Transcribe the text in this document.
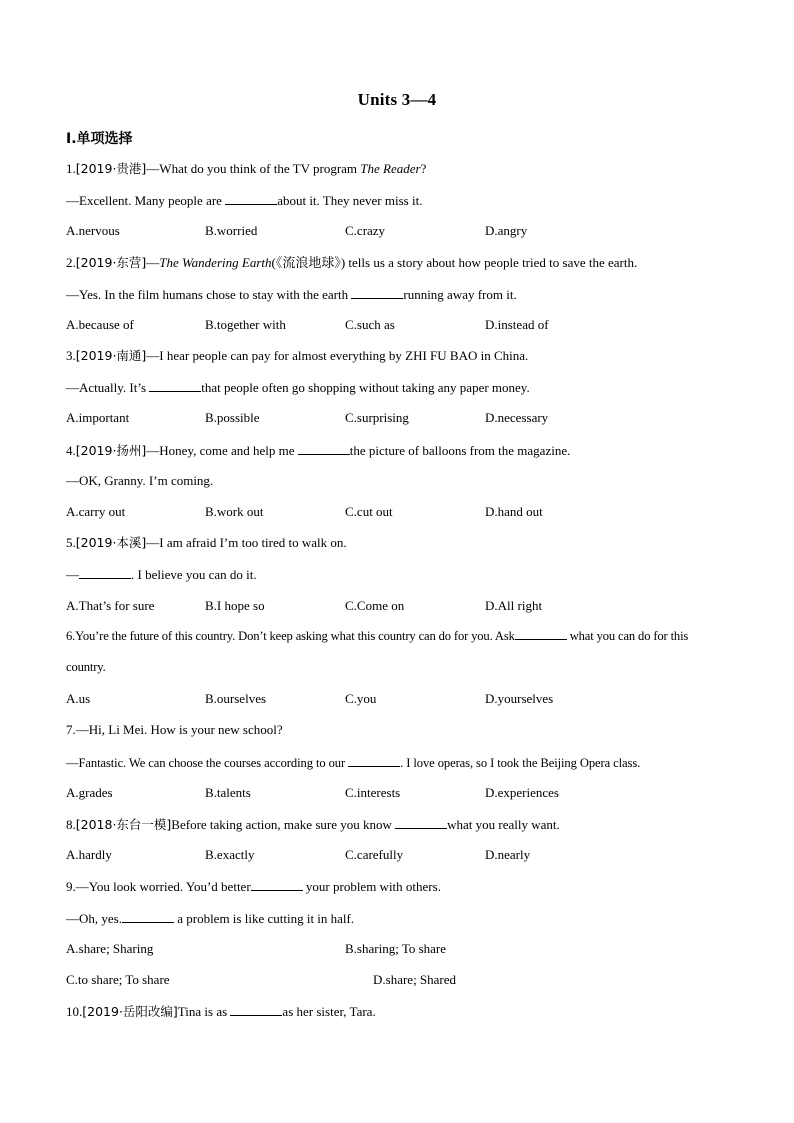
Units 3—4
Ⅰ.单项选择
1.[2019·贵港]—What do you think of the TV program The Reader?
—Excellent. Many people are	about it. They never miss it.
A.nervous	B.worried	C.crazy	D.angry
2.[2019·东营]—The Wandering Earth(《流浪地球》) tells us a story about how people tried to save the earth.
—Yes. In the film humans chose to stay with the earth	running away from it.
A.because of	B.together with	C.such as	D.instead of
3.[2019·南通]—I hear people can pay for almost everything by ZHI FU BAO in China.
—Actually. It’s	that people often go shopping without taking any paper money.
A.important	B.possible	C.surprising	D.necessary
4.[2019·扬州]—Honey, come and help me	the picture of balloons from the magazine.
—OK, Granny. I’m coming.
A.carry out	B.work out	C.cut out	D.hand out
5.[2019·本溪]—I am afraid I’m too tired to walk on.
—	. I believe you can do it.
A.That’s for sure	B.I hope so	C.Come on	D.All right
6.You’re the future of this country. Don’t keep asking what this country can do for you. Ask	what you can do for this country.
A.us	B.ourselves	C.you	D.yourselves
7.—Hi, Li Mei. How is your new school?
—Fantastic. We can choose the courses according to our	. I love operas, so I took the Beijing Opera class.
A.grades	B.talents	C.interests	D.experiences
8.[2018·东台一模]Before taking action, make sure you know	what you really want.
A.hardly	B.exactly	C.carefully	D.nearly
9.—You look worried. You’d better	your problem with others.
—Oh, yes.	a problem is like cutting it in half.
A.share; Sharing	B.sharing; To share
C.to share; To share	D.share; Shared
10.[2019·岳阳改编]Tina is as	as her sister, Tara.
